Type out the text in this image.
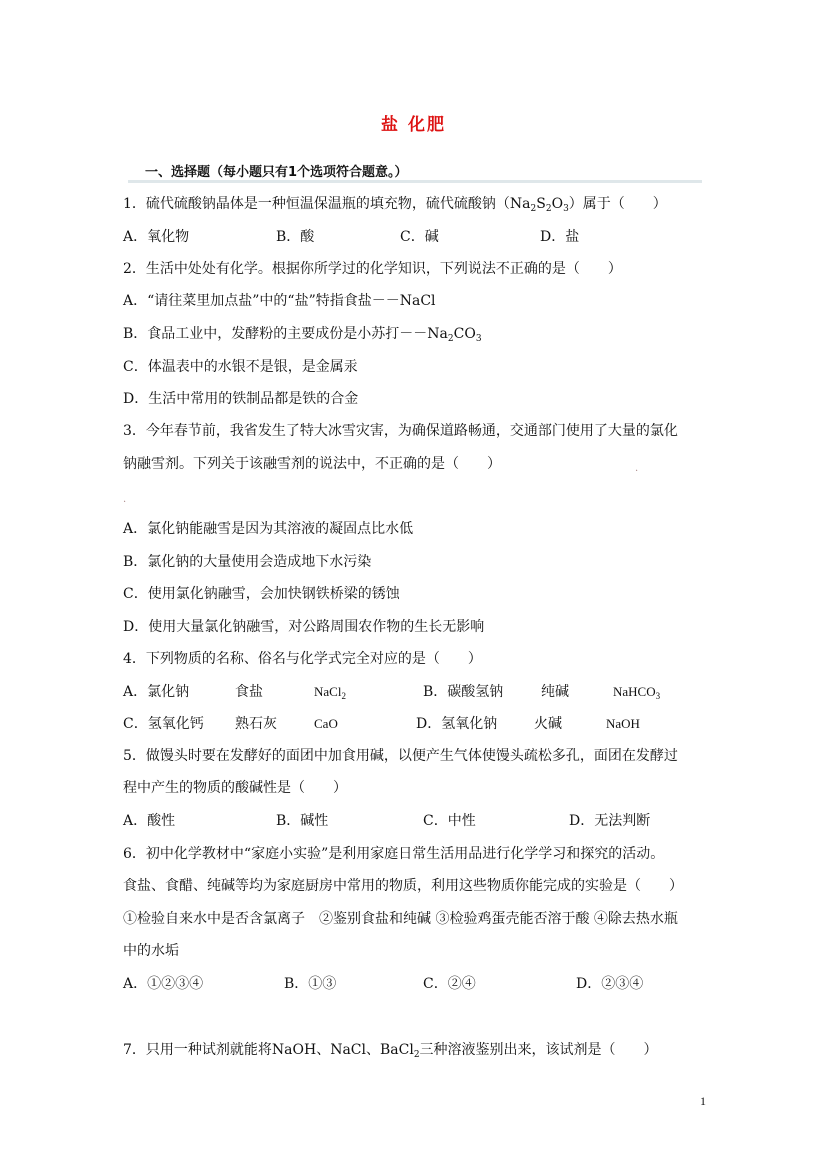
盐 化肥
一、选择题（每小题只有1个选项符合题意。）
1．硫代硫酸钠晶体是一种恒温保温瓶的填充物，硫代硫酸钠$(Na_2S_2O_3)$属于（　　）
A．氧化物	B．酸	C．碱	D．盐
2．生活中处处有化学。根据你所学过的化学知识，下列说法不正确的是（　　）
A．“请往菜里加点盐”中的“盐”特指食盐－－NaCl
B．食品工业中，发酵粉的主要成份是小苏打$--Na_2CO_3$
C．体温表中的水银不是银，是金属汞
D．生活中常用的铁制品都是铁的合金
3．今年春节前，我省发生了特大冰雪灾害，为确保道路畅通，交通部门使用了大量的氯化
钠融雪剂。下列关于该融雪剂的说法中，不正确的是（　　）	.
.
A．氯化钠能融雪是因为其溶液的凝固点比水低
B．氯化钠的大量使用会造成地下水污染
C．使用氯化钠融雪，会加快钢铁桥梁的锈蚀
D．使用大量氯化钠融雪，对公路周围农作物的生长无影响
4．下列物质的名称、俗名与化学式完全对应的是（　　）
A．氯化钠	食盐	NaCl$_2$	B．碳酸氢钠	纯碱	NaHCO$_3$
C．氢氧化钙 熟石灰	CaO	D．氢氧化钠	火碱	NaOH
5．做馒头时要在发酵好的面团中加食用碱，以便产生气体使馒头疏松多孔，面团在发酵过
程中产生的物质的酸碱性是（　　）
A．酸性	B．碱性	C．中性	D．无法判断
6．初中化学教材中“家庭小实验”是利用家庭日常生活用品进行化学学习和探究的活动。
食盐、食醋、纯碱等均为家庭厨房中常用的物质，利用这些物质你能完成的实验是（　　）
①检验自来水中是否含氯离子　②鉴别食盐和纯碱 ③检验鸡蛋壳能否溶于酸 ④除去热水瓶
中的水垢
A．①②③④	B．①③	C．②④	D．②③④
7．只用一种试剂就能将NaOH、NaCl、BaCl$_2$三种溶液鉴别出来，该试剂是（　　）
1
